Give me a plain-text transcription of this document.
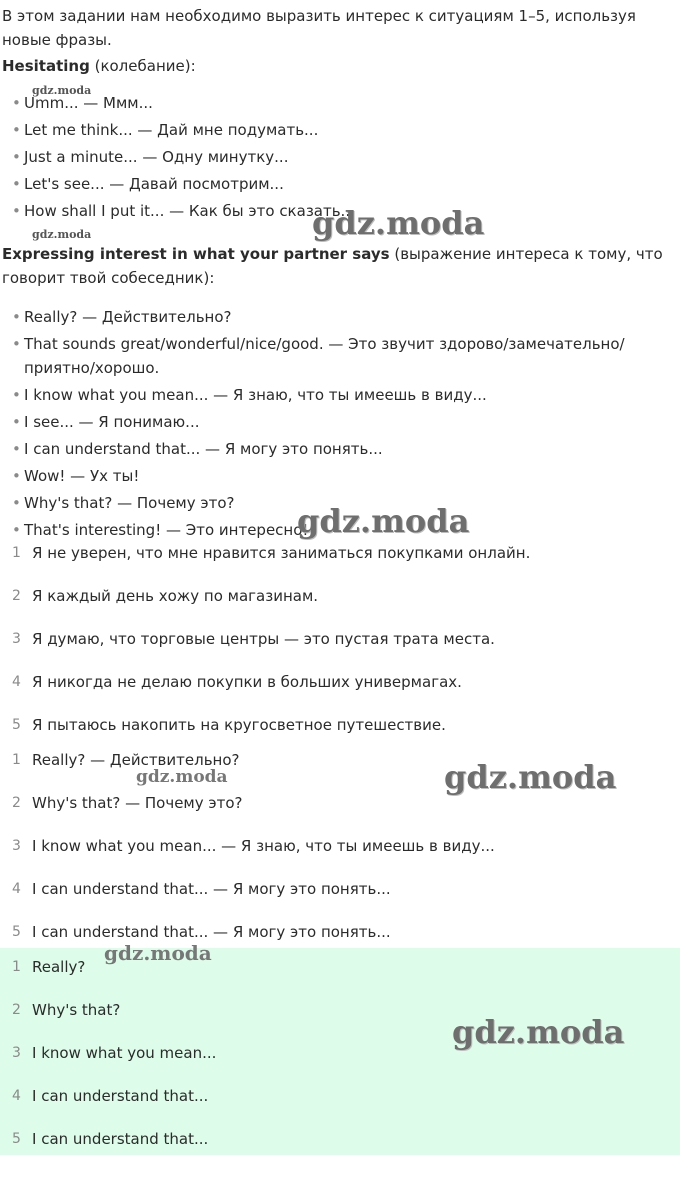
В этом задании нам необходимо выразить интерес к ситуациям 1–5, используя новые фразы.

Hesitating (колебание):

• Umm... — Ммм...
• Let me think... — Дай мне подумать...
• Just a minute... — Одну минутку...
• Let's see... — Давай посмотрим...
• How shall I put it... — Как бы это сказать...

Expressing interest in what your partner says (выражение интереса к тому, что говорит твой собеседник):

• Really? — Действительно?
• That sounds great/wonderful/nice/good. — Это звучит здорово/замечательно/приятно/хорошо.
• I know what you mean... — Я знаю, что ты имеешь в виду...
• I see... — Я понимаю...
• I can understand that... — Я могу это понять...
• Wow! — Ух ты!
• Why's that? — Почему это?
• That's interesting! — Это интересно!
1 Я не уверен, что мне нравится заниматься покупками онлайн.
2 Я каждый день хожу по магазинам.
3 Я думаю, что торговые центры — это пустая трата места.
4 Я никогда не делаю покупки в больших универмагах.
5 Я пытаюсь накопить на кругосветное путешествие.
1 Really? — Действительно?
2 Why's that? — Почему это?
3 I know what you mean... — Я знаю, что ты имеешь в виду...
4 I can understand that... — Я могу это понять...
5 I can understand that... — Я могу это понять...
1 Really?
2 Why's that?
3 I know what you mean...
4 I can understand that...
5 I can understand that...
gdz.moda
gdz.moda	gdz.moda
gdz.moda
gdz.moda	gdz.moda
gdz.moda
gdz.moda
